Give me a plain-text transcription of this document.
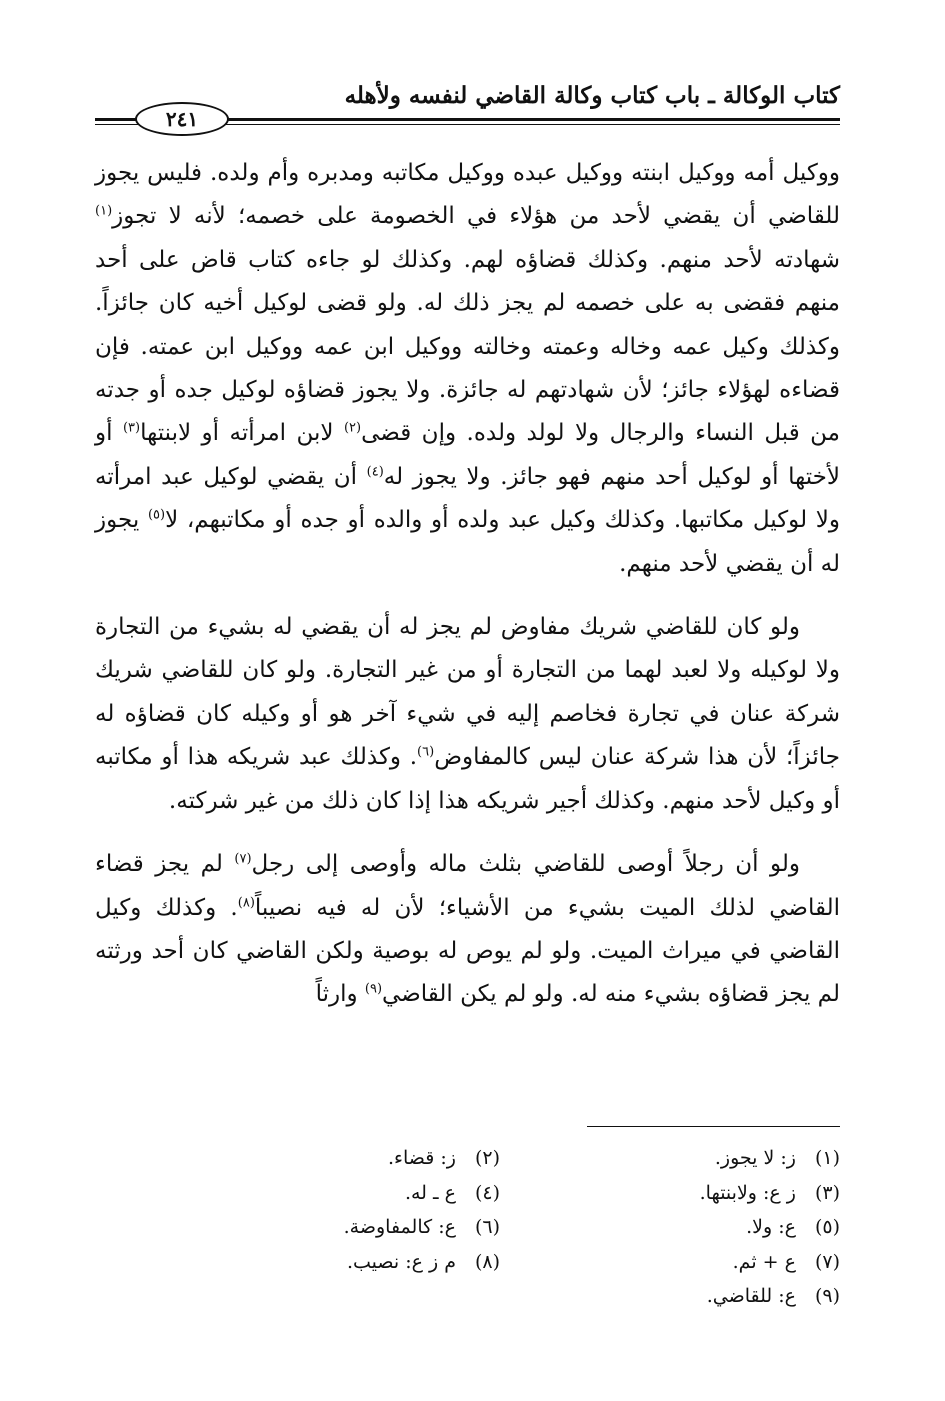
كتاب الوكالة ـ باب كتاب وكالة القاضي لنفسه ولأهله
٢٤١

ووكيل أمه ووكيل ابنته ووكيل عبده ووكيل مكاتبه ومدبره وأم ولده. فليس يجوز للقاضي أن يقضي لأحد من هؤلاء في الخصومة على خصمه؛ لأنه لا تجوز$^{(١)}$ شهادته لأحد منهم. وكذلك قضاؤه لهم. وكذلك لو جاءه كتاب قاض على أحد منهم فقضى به على خصمه لم يجز ذلك له. ولو قضى لوكيل أخيه كان جائزاً. وكذلك وكيل عمه وخاله وعمته وخالته ووكيل ابن عمه ووكيل ابن عمته. فإن قضاءه لهؤلاء جائز؛ لأن شهادتهم له جائزة. ولا يجوز قضاؤه لوكيل جده أو جدته من قبل النساء والرجال ولا لولد ولده. وإن قضى$^{(٢)}$ لابن امرأته أو لابنتها$^{(٣)}$ أو لأختها أو لوكيل أحد منهم فهو جائز. ولا يجوز له$^{(٤)}$ أن يقضي لوكيل عبد امرأته ولا لوكيل مكاتبها. وكذلك وكيل عبد ولده أو والده أو جده أو مكاتبهم، لا$^{(٥)}$ يجوز له أن يقضي لأحد منهم.

ولو كان للقاضي شريك مفاوض لم يجز له أن يقضي له بشيء من التجارة ولا لوكيله ولا لعبد لهما من التجارة أو من غير التجارة. ولو كان للقاضي شريك شركة عنان في تجارة فخاصم إليه في شيء آخر هو أو وكيله كان قضاؤه له جائزاً؛ لأن هذا شركة عنان ليس كالمفاوض$^{(٦)}$. وكذلك عبد شريكه هذا أو مكاتبه أو وكيل لأحد منهم. وكذلك أجير شريكه هذا إذا كان ذلك من غير شركته.

ولو أن رجلاً أوصى للقاضي بثلث ماله وأوصى إلى رجل$^{(٧)}$ لم يجز قضاء القاضي لذلك الميت بشيء من الأشياء؛ لأن له فيه نصيباً$^{(٨)}$. وكذلك وكيل القاضي في ميراث الميت. ولو لم يوص له بوصية ولكن القاضي كان أحد ورثته لم يجز قضاؤه بشيء منه له. ولو لم يكن القاضي$^{(٩)}$ وارثاً

(١) ز: لا يجوز.(٢) ز: قضاء.(٣) ز ع: ولابنتها.(٤) ع ـ له.(٥) ع: ولا.(٦) ع: كالمفاوضة.(٧) ع + ثم.(٨) م ز ع: نصيب.(٩) ع: للقاضي.
